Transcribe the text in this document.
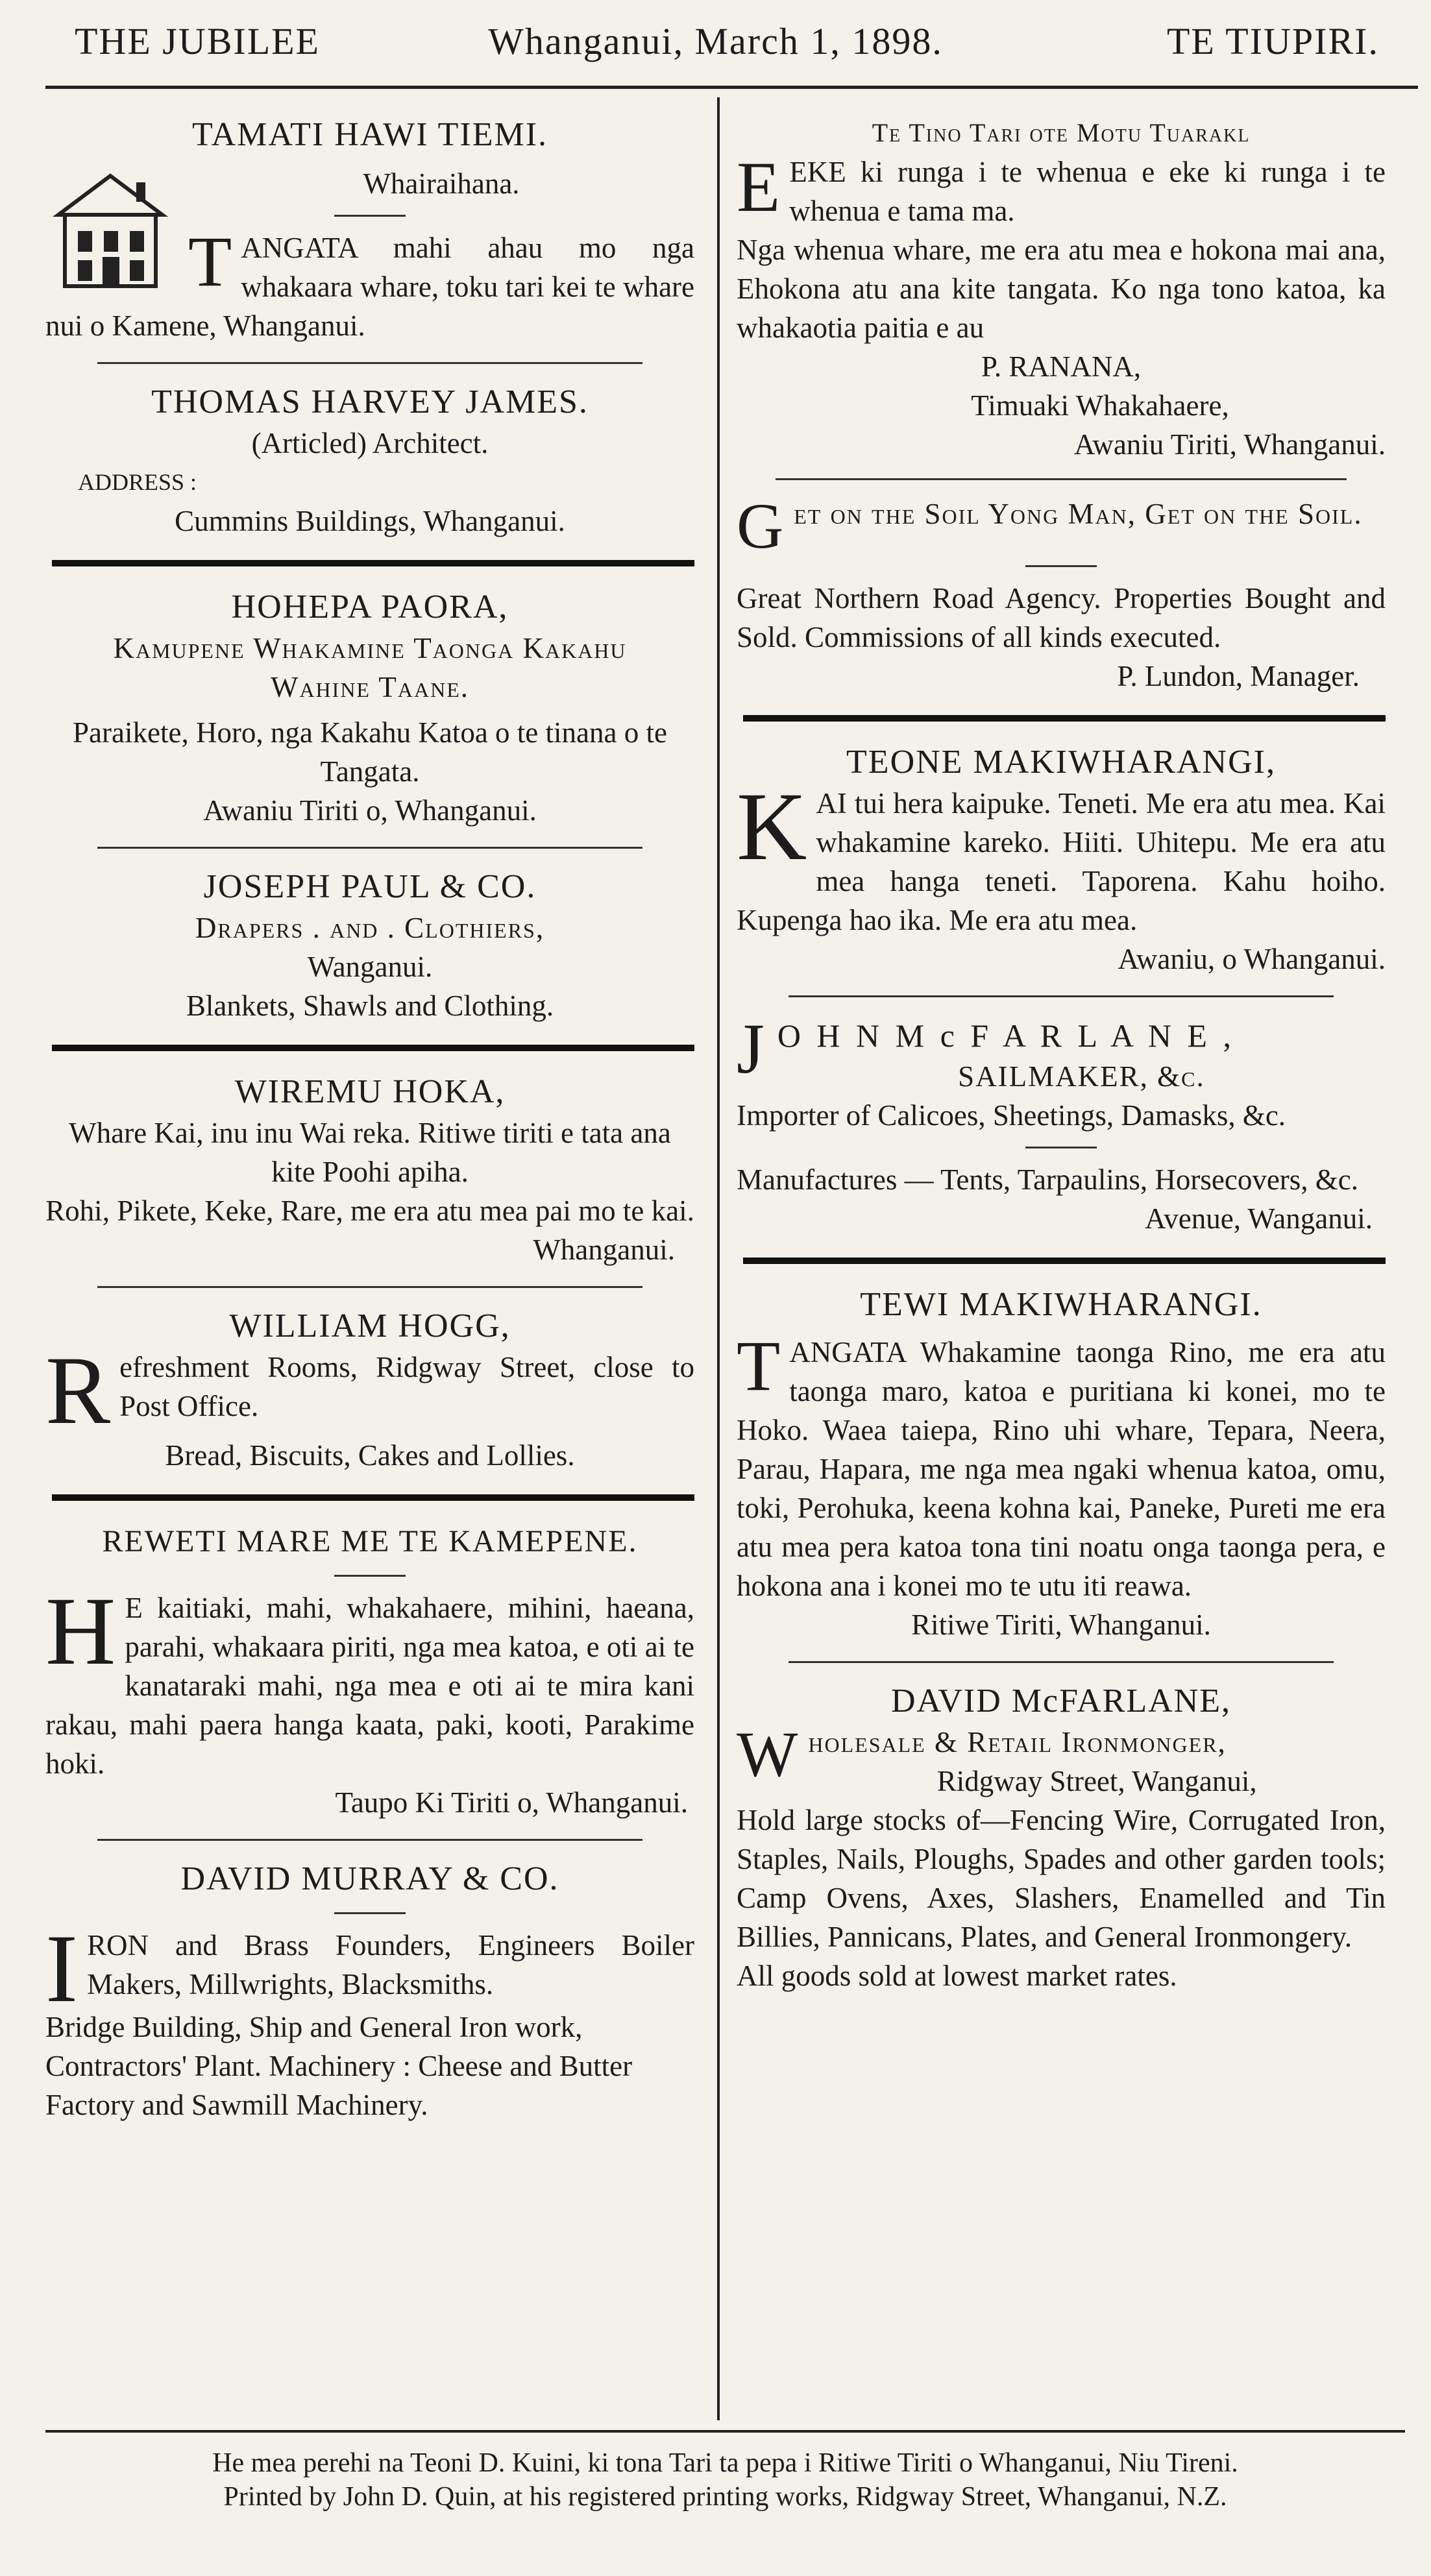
THE JUBILEE	Whanganui, March 1, 1898.	TE TIUPIRI.
TAMATI HAWI TIEMI.
Whairaihana.

TANGATA mahi ahau mo nga whakaara whare, toku tari kei te whare nui o Kamene, Whanganui.

THOMAS HARVEY JAMES.
(Articled) Architect.
ADDRESS :
Cummins Buildings, Whanganui.
HOHEPA PAORA,
Kamupene Whakamine Taonga Kakahu
Wahine Taane.

Paraikete, Horo, nga Kakahu Katoa o te tinana o te Tangata.

Awaniu Tiriti o, Whanganui.
JOSEPH PAUL & CO.
Drapers . and . Clothiers,
Wanganui.
Blankets, Shawls and Clothing.
WIREMU HOKA,

Whare Kai, inu inu Wai reka. Ritiwe tiriti e tata ana kite Poohi apiha.

Rohi, Pikete, Keke, Rare, me era atu mea pai mo te kai.

Whanganui.
WILLIAM HOGG,

Refreshment Rooms, Ridgway Street, close to Post Office.

Bread, Biscuits, Cakes and Lollies.
REWETI MARE ME TE KAMEPENE.

H E kaitiaki, mahi, whakahaere, mihini, haeana, parahi, whakaara piriti, nga mea katoa, e oti ai te kanataraki mahi, nga mea e oti ai te mira kani rakau, mahi paera hanga kaata, paki, kooti, Parakime hoki.

Taupo Ki Tiriti o, Whanganui.
DAVID MURRAY & CO.

IRON and Brass Founders, Engineers Boiler Makers, Millwrights, Blacksmiths.

Bridge Building, Ship and General Iron work, Contractors' Plant. Machinery : Cheese and Butter Factory and Sawmill Machinery.

Te Tino Tari ote Motu Tuarakl

EEKE ki runga i te whenua e eke ki runga i te whenua e tama ma.

Nga whenua whare, me era atu mea e hokona mai ana, Ehokona atu ana kite tangata. Ko nga tono katoa, ka whakaotia paitia e au

P. RANANA,
Timuaki Whakahaere,
Awaniu Tiriti, Whanganui.

Get on the Soil Yong Man, Get on the Soil.

Great Northern Road Agency. Properties Bought and Sold. Commissions of all kinds executed.

P. Lundon, Manager.
TEONE MAKIWHARANGI,

KAI tui hera kaipuke. Teneti. Me era atu mea. Kai whakamine kareko. Hiiti. Uhitepu. Me era atu mea hanga teneti. Taporena. Kahu hoiho. Kupenga hao ika. Me era atu mea.

Awaniu, o Whanganui.

J O H N M c F A R L A N E ,

SAILMAKER, &c.

Importer of Calicoes, Sheetings, Damasks, &c.

Manufactures — Tents, Tarpaulins, Horsecovers, &c.

Avenue, Wanganui.
TEWI MAKIWHARANGI.

TANGATA Whakamine taonga Rino, me era atu taonga maro, katoa e puritiana ki konei, mo te Hoko. Waea taiepa, Rino uhi whare, Tepara, Neera, Parau, Hapara, me nga mea ngaki whenua katoa, omu, toki, Perohuka, keena kohna kai, Paneke, Pureti me era atu mea pera katoa tona tini noatu onga taonga pera, e hokona ana i konei mo te utu iti reawa.

Ritiwe Tiriti, Whanganui.
DAVID McFARLANE,

Wholesale & Retail Ironmonger,

Ridgway Street, Wanganui,

Hold large stocks of—Fencing Wire, Corrugated Iron, Staples, Nails, Ploughs, Spades and other garden tools; Camp Ovens, Axes, Slashers, Enamelled and Tin Billies, Pannicans, Plates, and General Ironmongery.

All goods sold at lowest market rates.

He mea perehi na Teoni D. Kuini, ki tona Tari ta pepa i Ritiwe Tiriti o Whanganui, Niu Tireni.
Printed by John D. Quin, at his registered printing works, Ridgway Street, Whanganui, N.Z.
